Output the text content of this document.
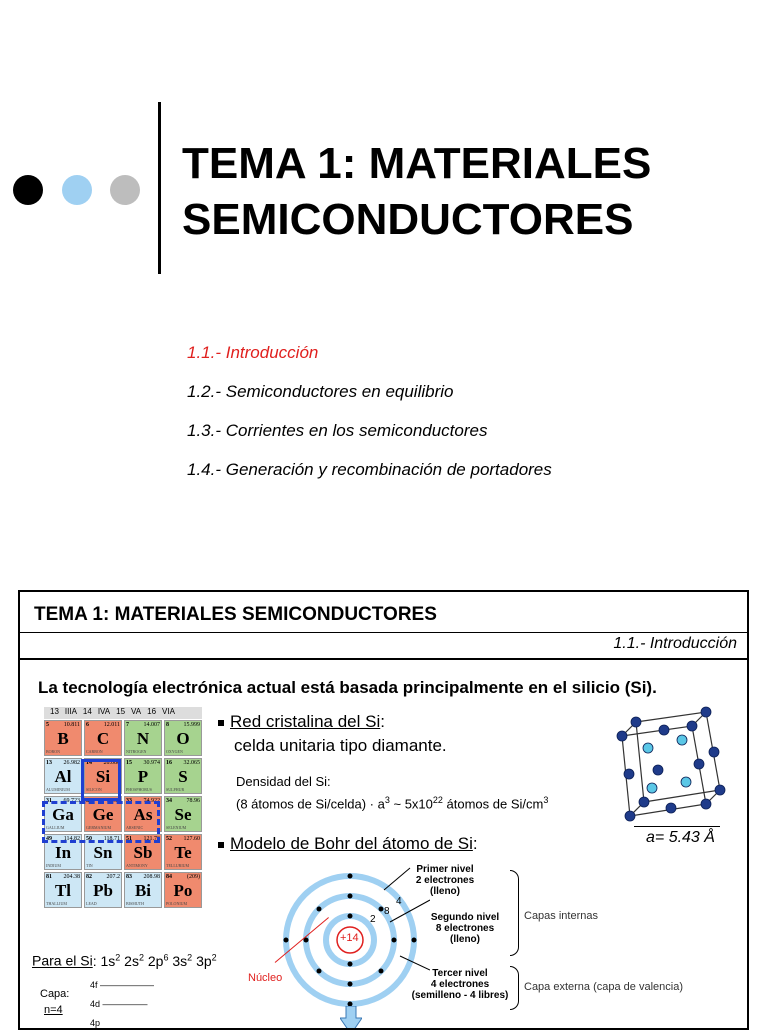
TEMA 1: MATERIALES
SEMICONDUCTORES
1.1.- Introducción
1.2.- Semiconductores en equilibrio
1.3.- Corrientes en los semiconductores
1.4.- Generación y recombinación de portadores
TEMA 1: MATERIALES SEMICONDUCTORES
1.1.- Introducción
La tecnología electrónica actual está basada principalmente en el silicio (Si).
13 IIIA 14 IVA 15 VA 16 VIA
5 10.811
B
BORON
6 12.011
C
CARBON
7 14.007
N
NITROGEN
8 15.999
O
OXYGEN
13 26.982
Al
ALUMINIUM
14 28.086
Si
SILICON
15 30.974
P
PHOSPHORUS
16 32.065
S
SULPHUR
31 69.723
Ga
GALLIUM
32 72.64
Ge
GERMANIUM
33 74.922
As
ARSENIC
34 78.96
Se
SELENIUM
49 114.82
In
INDIUM
50 118.71
Sn
TIN
51 121.76
Sb
ANTIMONY
52 127.60
Te
TELLURIUM
81 204.38
Tl
THALLIUM
82 207.2
Pb
LEAD
83 208.98
Bi
BISMUTH
84	(209)
Po
POLONIUM
Para el Si: $1s^2$ $2s^2$ $2p^6$ $3s^2$ $3p^2$
Capa:
n=4
4f ——————
4d —————
4p
Red cristalina del Si:
celda unitaria tipo diamante.
Densidad del Si:
(8 átomos de Si/celda) · $a^3$ ~ $5x10^{22}$ átomos de $Si/cm^3$
a= 5.43 Å
Modelo de Bohr del átomo de Si:
+14
2
8
4
Núcleo
Primer nivel
2 electrones
(lleno)
Segundo nivel
8 electrones
(lleno)
Tercer nivel
4 electrones
(semilleno - 4 libres)
Capas internas
Capa externa (capa de valencia)
